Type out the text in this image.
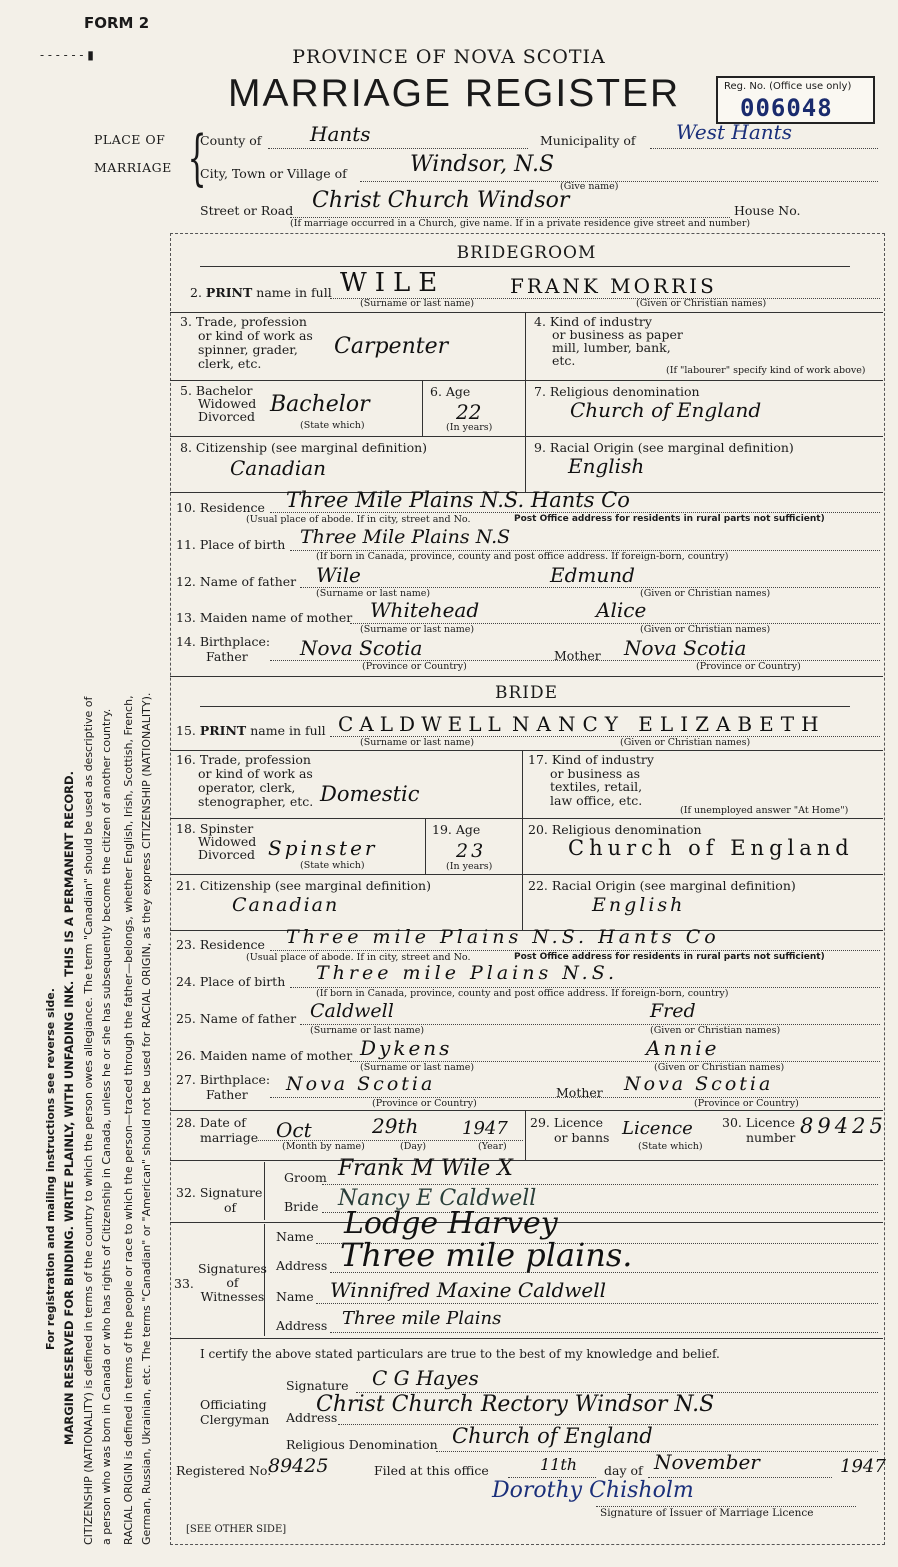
FORM 2
- - - - - - ▮	PROVINCE OF NOVA SCOTIA
MARRIAGE REGISTER	Reg. No. (Office use only)
006048
For registration and mailing instructions see reverse side. MARGIN RESERVED FOR BINDING. WRITE PLAINLY, WITH UNFADING INK. THIS IS A PERMANENT RECORD. CITIZENSHIP (NATIONALITY) is defined in terms of the country to which the person owes allegiance. The term "Canadian" should be used as descriptive of a person who was born in Canada or who has rights of Citizenship in Canada, unless he or she has subsequently become the citizen of another country. RACIAL ORIGIN is defined in terms of the people or race to which the person—traced through the father—belongs, whether English, Irish, Scottish, French, German, Russian, Ukrainian, etc. The terms "Canadian" or "American" should not be used for RACIAL ORIGIN, as they express CITIZENSHIP (NATIONALITY).
PLACE OF
MARRIAGE {
County of Hants	Municipality of West Hants
City, Town or Village of	Windsor, N.S
(Give name)
Street or Road Christ Church Windsor	House No.
(If marriage occurred in a Church, give name. If in a private residence give street and number)
BRIDEGROOM
2. PRINT name in full WILE	FRANK MORRIS
(Surname or last name)	(Given or Christian names)
3. Trade, profession
or kind of work as
spinner, grader,
clerk, etc.
Carpenter
4. Kind of industry
or business as paper
mill, lumber, bank,
etc.
(If "labourer" specify kind of work above)
5. Bachelor
Widowed
Divorced Bachelor
(State which)
6. Age
22
(In years)
7. Religious denomination
Church of England
8. Citizenship (see marginal definition)
Canadian
9. Racial Origin (see marginal definition)
English
10. Residence Three Mile Plains N.S. Hants Co
(Usual place of abode. If in city, street and No.	Post Office address for residents in rural parts not sufficient)
11. Place of birth Three Mile Plains N.S
(If born in Canada, province, county and post office address. If foreign-born, country)
12. Name of father Wile	Edmund
(Surname or last name)	(Given or Christian names)
13. Maiden name of mother Whitehead	Alice
(Surname or last name)	(Given or Christian names)
14. Birthplace:
Father	Nova Scotia	Mother Nova Scotia
(Province or Country)	(Province or Country)
BRIDE
15. PRINT name in full CALDWELL NANCY ELIZABETH
(Surname or last name)	(Given or Christian names)
16. Trade, profession
or kind of work as
operator, clerk,
stenographer, etc. Domestic
17. Kind of industry
or business as
textiles, retail,
law office, etc.
(If unemployed answer "At Home")
18. Spinster
Widowed
Divorced Spinster
(State which)
19. Age
23
(In years)
20. Religious denomination
Church of England
21. Citizenship (see marginal definition)
Canadian
22. Racial Origin (see marginal definition)
English
23. Residence Three mile Plains N.S. Hants Co
(Usual place of abode. If in city, street and No.	Post Office address for residents in rural parts not sufficient)
24. Place of birth Three mile Plains N.S.
(If born in Canada, province, county and post office address. If foreign-born, country)
25. Name of father Caldwell	Fred
(Surname or last name)	(Given or Christian names)
26. Maiden name of mother Dykens	Annie
(Surname or last name)	(Given or Christian names)
27. Birthplace:
Father	Nova Scotia	Mother Nova Scotia
(Province or Country)	(Province or Country)
28. Date of
marriage Oct	29th 1947
(Month by name)	(Day)	(Year)
29. Licence
or banns Licence
(State which)
30. Licence
number 89425
32. Signature
of
Groom Frank M Wile X
Bride Nancy E Caldwell
Signatures
of
Witnesses
33.
Name Lodge Harvey
Address Three mile plains.
Name Winnifred Maxine Caldwell
Address Three mile Plains
I certify the above stated particulars are true to the best of my knowledge and belief.
Officiating
Clergyman
Signature C G Hayes
Address
Christ Church Rectory Windsor N.S
Religious Denomination Church of England
Registered No.
89425	Filed at this office	11th day of November	1947
Dorothy Chisholm
Signature of Issuer of Marriage Licence
[SEE OTHER SIDE]
